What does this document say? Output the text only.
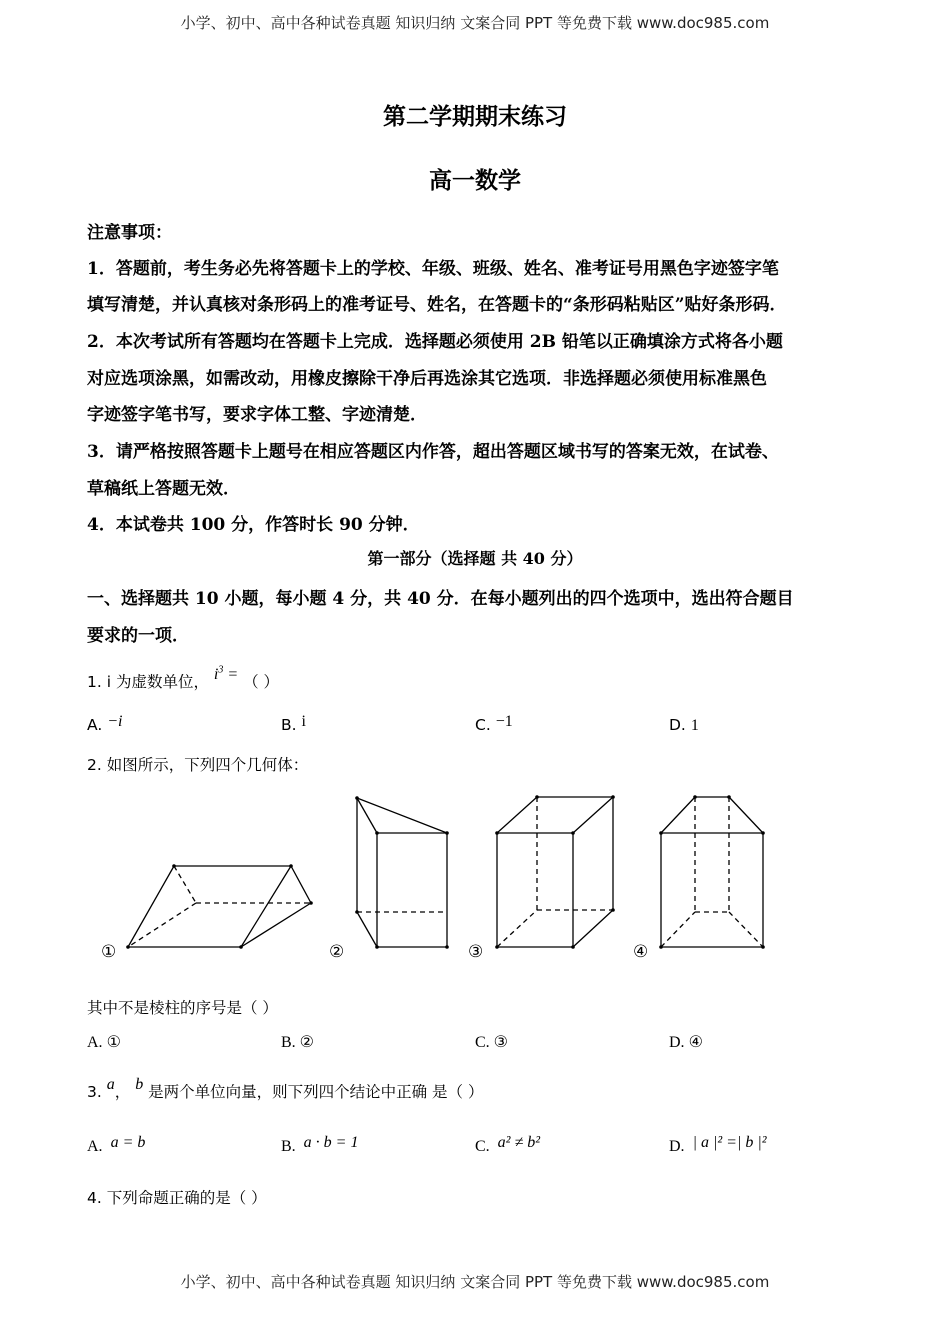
小学、初中、高中各种试卷真题 知识归纳 文案合同 PPT 等免费下载 www.doc985.com
小学、初中、高中各种试卷真题 知识归纳 文案合同 PPT 等免费下载 www.doc985.com
第二学期期末练习
高一数学
注意事项：
1．答题前，考生务必先将答题卡上的学校、年级、班级、姓名、准考证号用黑色字迹签字笔
填写清楚，并认真核对条形码上的准考证号、姓名，在答题卡的“条形码粘贴区”贴好条形码．
2．本次考试所有答题均在答题卡上完成．选择题必须使用 2B 铅笔以正确填涂方式将各小题
对应选项涂黑，如需改动，用橡皮擦除干净后再选涂其它选项．非选择题必须使用标准黑色
字迹签字笔书写，要求字体工整、字迹清楚．
3．请严格按照答题卡上题号在相应答题区内作答，超出答题区域书写的答案无效，在试卷、
草稿纸上答题无效．
4．本试卷共 100 分，作答时长 90 分钟．
第一部分（选择题 共 40 分）
一、选择题共 10 小题，每小题 4 分，共 40 分．在每小题列出的四个选项中，选出符合题目
要求的一项．
1. i 为虚数单位， $i^3$ = （ ）
A. −i	B. i	C. −1	D. 1
2. 如图所示，下列四个几何体：
①	②	③	④
其中不是棱柱的序号是（ ）
A. ①	B. ②	C. ③	D. ④
3. a， b 是两个单位向量，则下列四个结论中正确 是（ ）
A. a = b	B. a · b = 1	C. a² ≠ b²	D. | a |² =| b |²
4. 下列命题正确的是（ ）
